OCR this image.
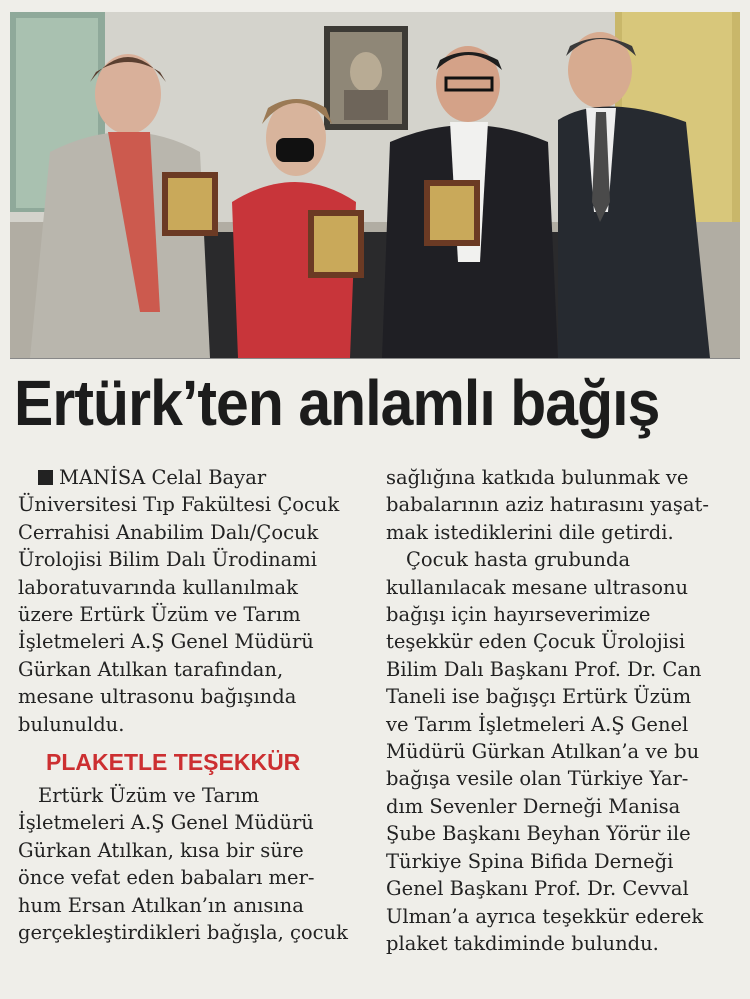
Ertürk’ten anlamlı bağış

MANİSA Celal Bayar
Üniversitesi Tıp Fakültesi Çocuk
Cerrahisi Anabilim Dalı/Çocuk
Ürolojisi Bilim Dalı Ürodinami
laboratuvarında kullanılmak
üzere Ertürk Üzüm ve Tarım
İşletmeleri A.Ş Genel Müdürü
Gürkan Atılkan tarafından,
mesane ultrasonu bağışında
bulunuldu.

PLAKETLE TEŞEKKÜR

Ertürk Üzüm ve Tarım
İşletmeleri A.Ş Genel Müdürü
Gürkan Atılkan, kısa bir süre
önce vefat eden babaları mer-
hum Ersan Atılkan’ın anısına
gerçekleştirdikleri bağışla, çocuk

sağlığına katkıda bulunmak ve
babalarının aziz hatırasını yaşat-
mak istediklerini dile getirdi.

Çocuk hasta grubunda
kullanılacak mesane ultrasonu
bağışı için hayırseverimize
teşekkür eden Çocuk Ürolojisi
Bilim Dalı Başkanı Prof. Dr. Can
Taneli ise bağışçı Ertürk Üzüm
ve Tarım İşletmeleri A.Ş Genel
Müdürü Gürkan Atılkan’a ve bu
bağışa vesile olan Türkiye Yar-
dım Sevenler Derneği Manisa
Şube Başkanı Beyhan Yörür ile
Türkiye Spina Bifida Derneği
Genel Başkanı Prof. Dr. Cevval
Ulman’a ayrıca teşekkür ederek
plaket takdiminde bulundu.
